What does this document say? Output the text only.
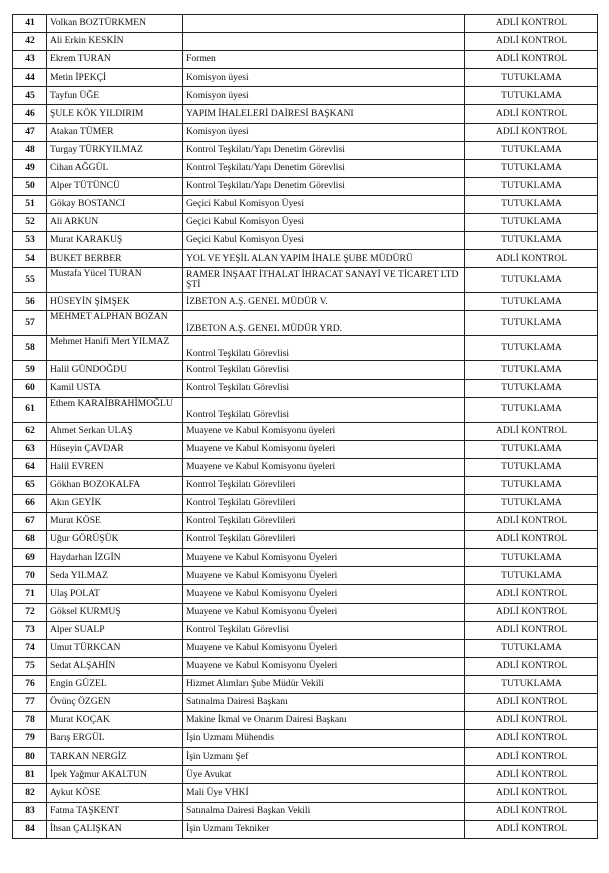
41	Volkan BOZTÜRKMEN		ADLİ KONTROL
42	Ali Erkin KESKİN		ADLİ KONTROL
43	Ekrem TURAN	Formen	ADLİ KONTROL
44	Metin İPEKÇİ	Komisyon üyesi	TUTUKLAMA
45	Tayfun ÜĞE	Komisyon üyesi	TUTUKLAMA
46	ŞULE KÖK YILDIRIM	YAPIM İHALELERİ DAİRESİ BAŞKANI	ADLİ KONTROL
47	Atakan TÜMER	Komisyon üyesi	ADLİ KONTROL
48	Turgay TÜRKYILMAZ	Kontrol Teşkilatı/Yapı Denetim Görevlisi	TUTUKLAMA
49	Cihan AĞGÜL	Kontrol Teşkilatı/Yapı Denetim Görevlisi	TUTUKLAMA
50	Alper TÜTÜNCÜ	Kontrol Teşkilatı/Yapı Denetim Görevlisi	TUTUKLAMA
51	Gökay BOSTANCI	Geçici Kabul Komisyon Üyesi	TUTUKLAMA
52	Ali ARKUN	Geçici Kabul Komisyon Üyesi	TUTUKLAMA
53	Murat KARAKUŞ	Geçici Kabul Komisyon Üyesi	TUTUKLAMA
54	BUKET BERBER	YOL VE YEŞİL ALAN YAPIM İHALE ŞUBE MÜDÜRÜ	ADLİ KONTROL
55	Mustafa Yücel TURAN	RAMER İNŞAAT İTHALAT İHRACAT SANAYİ VE TİCARET LTD ŞTİ	TUTUKLAMA
56	HÜSEYİN ŞİMŞEK	İZBETON A.Ş. GENEL MÜDÜR V.	TUTUKLAMA
57	MEHMET ALPHAN BOZAN	İZBETON A.Ş. GENEL MÜDÜR YRD.	TUTUKLAMA
58	Mehmet Hanifi Mert YILMAZ	Kontrol Teşkilatı Görevlisi	TUTUKLAMA
59	Halil GÜNDOĞDU	Kontrol Teşkilatı Görevlisi	TUTUKLAMA
60	Kamil USTA	Kontrol Teşkilatı Görevlisi	TUTUKLAMA
61	Ethem KARAİBRAHİMOĞLU	Kontrol Teşkilatı Görevlisi	TUTUKLAMA
62	Ahmet Serkan ULAŞ	Muayene ve Kabul Komisyonu üyeleri	ADLİ KONTROL
63	Hüseyin ÇAVDAR	Muayene ve Kabul Komisyonu üyeleri	TUTUKLAMA
64	Halil EVREN	Muayene ve Kabul Komisyonu üyeleri	TUTUKLAMA
65	Gökhan BOZOKALFA	Kontrol Teşkilatı Görevlileri	TUTUKLAMA
66	Akın GEYİK	Kontrol Teşkilatı Görevlileri	TUTUKLAMA
67	Murat KÖSE	Kontrol Teşkilatı Görevlileri	ADLİ KONTROL
68	Uğur GÖRÜŞÜK	Kontrol Teşkilatı Görevlileri	ADLİ KONTROL
69	Haydarhan İZGİN	Muayene ve Kabul Komisyonu Üyeleri	TUTUKLAMA
70	Seda YILMAZ	Muayene ve Kabul Komisyonu Üyeleri	TUTUKLAMA
71	Ulaş POLAT	Muayene ve Kabul Komisyonu Üyeleri	ADLİ KONTROL
72	Göksel KURMUŞ	Muayene ve Kabul Komisyonu Üyeleri	ADLİ KONTROL
73	Alper SUALP	Kontrol Teşkilatı Görevlisi	ADLİ KONTROL
74	Umut TÜRKCAN	Muayene ve Kabul Komisyonu Üyeleri	TUTUKLAMA
75	Sedat ALŞAHİN	Muayene ve Kabul Komisyonu Üyeleri	ADLİ KONTROL
76	Engin GÜZEL	Hizmet Alımları Şube Müdür Vekili	TUTUKLAMA
77	Övünç ÖZGEN	Satınalma Dairesi Başkanı	ADLİ KONTROL
78	Murat KOÇAK	Makine İkmal ve Onarım Dairesi Başkanı	ADLİ KONTROL
79	Barış ERGÜL	İşin Uzmanı Mühendis	ADLİ KONTROL
80	TARKAN NERGİZ	İşin Uzmanı Şef	ADLİ KONTROL
81	İpek Yağmur AKALTUN	Üye Avukat	ADLİ KONTROL
82	Aykut KÖSE	Mali Üye VHKİ	ADLİ KONTROL
83	Fatma TAŞKENT	Satınalma Dairesi Başkan Vekili	ADLİ KONTROL
84	İhsan ÇALIŞKAN	İşin Uzmanı Tekniker	ADLİ KONTROL
